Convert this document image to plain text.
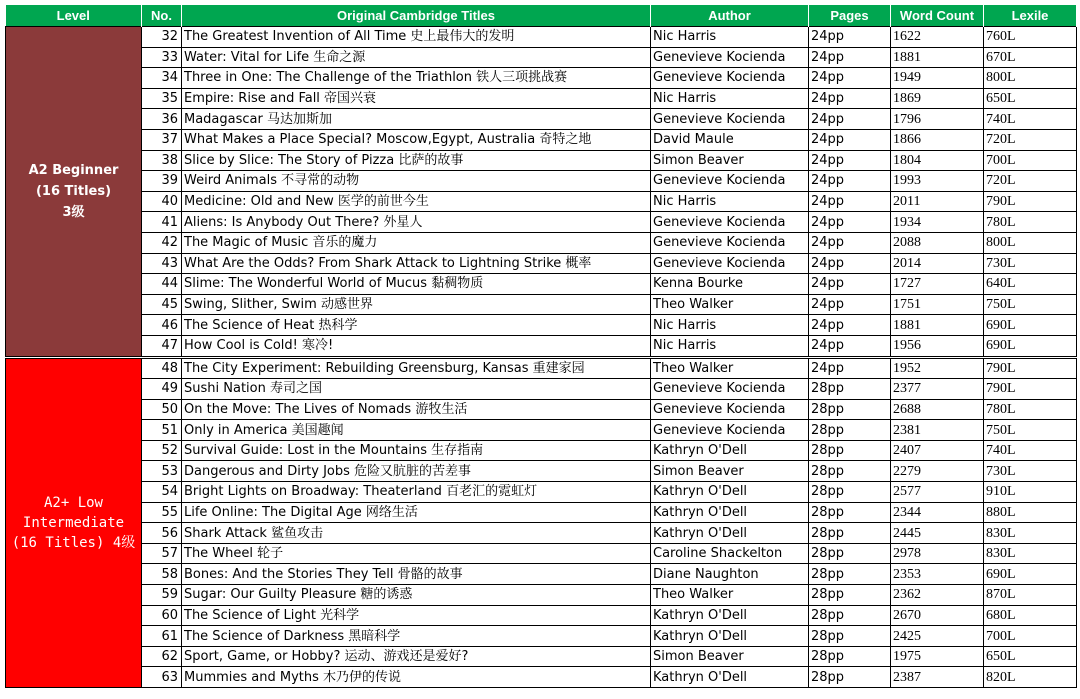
Level	No.	Original Cambridge Titles	Author	Pages	Word Count	Lexile

A2 Beginner
(16 Titles)
3级	32	The Greatest Invention of All Time 史上最伟大的发明	Nic Harris	24pp	1622	760L
	33	Water: Vital for Life 生命之源	Genevieve Kocienda	24pp	1881	670L
	34	Three in One: The Challenge of the Triathlon 铁人三项挑战赛	Genevieve Kocienda	24pp	1949	800L
	35	Empire: Rise and Fall 帝国兴衰	Nic Harris	24pp	1869	650L
	36	Madagascar 马达加斯加	Genevieve Kocienda	24pp	1796	740L
	37	What Makes a Place Special? Moscow,Egypt, Australia 奇特之地	David Maule	24pp	1866	720L
	38	Slice by Slice: The Story of Pizza 比萨的故事	Simon Beaver	24pp	1804	700L
	39	Weird Animals 不寻常的动物	Genevieve Kocienda	24pp	1993	720L
	40	Medicine: Old and New 医学的前世今生	Nic Harris	24pp	2011	790L
	41	Aliens: Is Anybody Out There? 外星人	Genevieve Kocienda	24pp	1934	780L
	42	The Magic of Music 音乐的魔力	Genevieve Kocienda	24pp	2088	800L
	43	What Are the Odds? From Shark Attack to Lightning Strike 概率	Genevieve Kocienda	24pp	2014	730L
	44	Slime: The Wonderful World of Mucus 黏稠物质	Kenna Bourke	24pp	1727	640L
	45	Swing, Slither, Swim 动感世界	Theo Walker	24pp	1751	750L
	46	The Science of Heat 热科学	Nic Harris	24pp	1881	690L
	47	How Cool is Cold! 寒冷!	Nic Harris	24pp	1956	690L

A2+ Low
Intermediate
(16 Titles) 4级	48	The City Experiment: Rebuilding Greensburg, Kansas 重建家园	Theo Walker	24pp	1952	790L
	49	Sushi Nation 寿司之国	Genevieve Kocienda	28pp	2377	790L
	50	On the Move: The Lives of Nomads 游牧生活	Genevieve Kocienda	28pp	2688	780L
	51	Only in America 美国趣闻	Genevieve Kocienda	28pp	2381	750L
	52	Survival Guide: Lost in the Mountains 生存指南	Kathryn O'Dell	28pp	2407	740L
	53	Dangerous and Dirty Jobs 危险又肮脏的苦差事	Simon Beaver	28pp	2279	730L
	54	Bright Lights on Broadway: Theaterland 百老汇的霓虹灯	Kathryn O'Dell	28pp	2577	910L
	55	Life Online: The Digital Age 网络生活	Kathryn O'Dell	28pp	2344	880L
	56	Shark Attack 鲨鱼攻击	Kathryn O'Dell	28pp	2445	830L
	57	The Wheel 轮子	Caroline Shackelton	28pp	2978	830L
	58	Bones: And the Stories They Tell 骨骼的故事	Diane Naughton	28pp	2353	690L
	59	Sugar: Our Guilty Pleasure 糖的诱惑	Theo Walker	28pp	2362	870L
	60	The Science of Light 光科学	Kathryn O'Dell	28pp	2670	680L
	61	The Science of Darkness 黑暗科学	Kathryn O'Dell	28pp	2425	700L
	62	Sport, Game, or Hobby? 运动、游戏还是爱好?	Simon Beaver	28pp	1975	650L
	63	Mummies and Myths 木乃伊的传说	Kathryn O'Dell	28pp	2387	820L
